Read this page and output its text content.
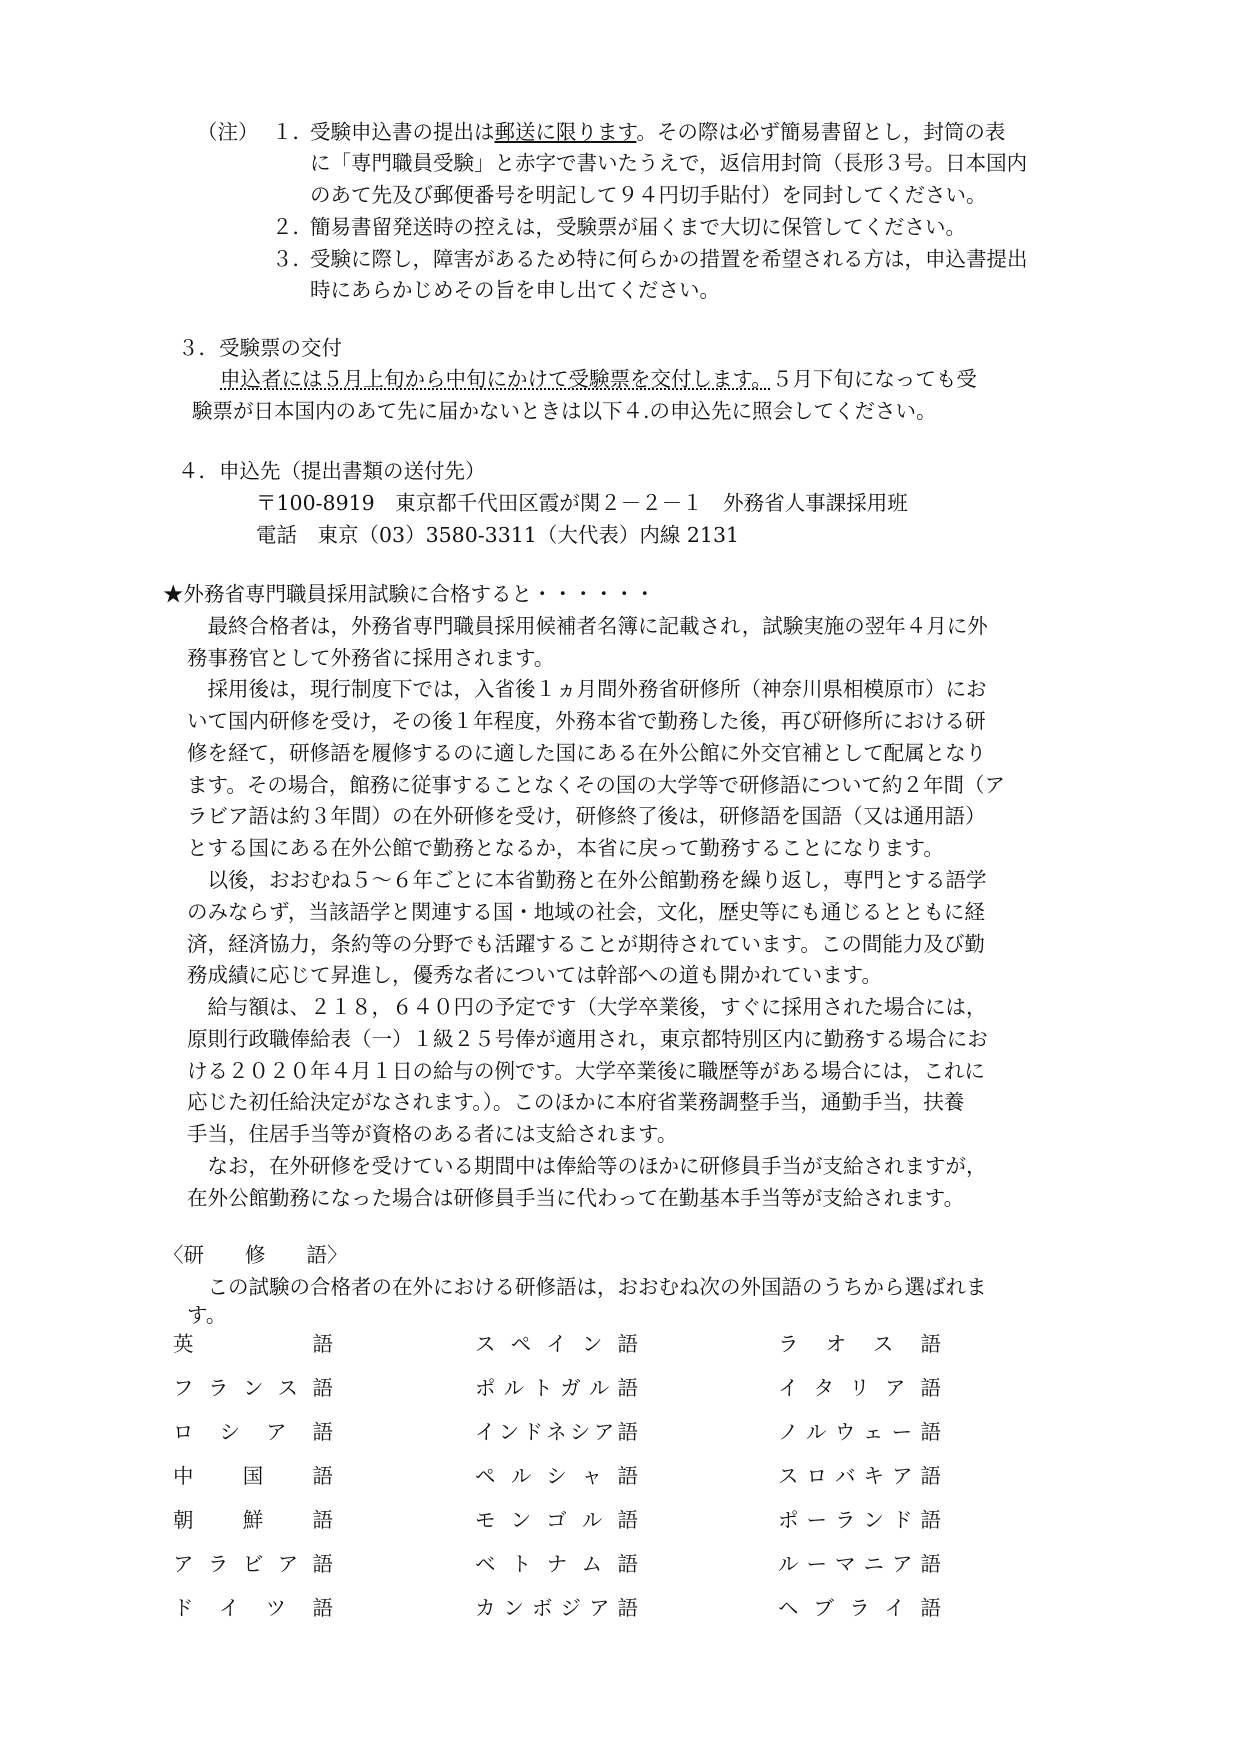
（注） １．
受験申込書の提出は郵送に限ります。その際は必ず簡易書留とし，封筒の表
に「専門職員受験」と赤字で書いたうえで，返信用封筒（長形３号。日本国内
のあて先及び郵便番号を明記して９４円切手貼付）を同封してください。
２．
簡易書留発送時の控えは，受験票が届くまで大切に保管してください。
３．
受験に際し，障害があるため特に何らかの措置を希望される方は，申込書提出
時にあらかじめその旨を申し出てください。
３．受験票の交付
申込者には５月上旬から中旬にかけて受験票を交付します。５月下旬になっても受
験票が日本国内のあて先に届かないときは以下４.の申込先に照会してください。
４．申込先（提出書類の送付先）
〒100-8919　東京都千代田区霞が関２－２－１　外務省人事課採用班
電話　東京（03）3580-3311（大代表）内線 2131
★外務省専門職員採用試験に合格すると・・・・・・
　最終合格者は，外務省専門職員採用候補者名簿に記載され，試験実施の翌年４月に外
務事務官として外務省に採用されます。
　採用後は，現行制度下では，入省後１ヵ月間外務省研修所（神奈川県相模原市）にお
いて国内研修を受け，その後１年程度，外務本省で勤務した後，再び研修所における研
修を経て，研修語を履修するのに適した国にある在外公館に外交官補として配属となり
ます。その場合，館務に従事することなくその国の大学等で研修語について約２年間（ア
ラビア語は約３年間）の在外研修を受け，研修終了後は，研修語を国語（又は通用語）
とする国にある在外公館で勤務となるか，本省に戻って勤務することになります。
　以後，おおむね５～６年ごとに本省勤務と在外公館勤務を繰り返し，専門とする語学
のみならず，当該語学と関連する国・地域の社会，文化，歴史等にも通じるとともに経
済，経済協力，条約等の分野でも活躍することが期待されています。この間能力及び勤
務成績に応じて昇進し，優秀な者については幹部への道も開かれています。
　給与額は、２１８，６４０円の予定です（大学卒業後，すぐに採用された場合には，
原則行政職俸給表（一）１級２５号俸が適用され，東京都特別区内に勤務する場合にお
ける２０２０年４月１日の給与の例です。大学卒業後に職歴等がある場合には，これに
応じた初任給決定がなされます。）。このほかに本府省業務調整手当，通勤手当，扶養
手当，住居手当等が資格のある者には支給されます。
　なお，在外研修を受けている期間中は俸給等のほかに研修員手当が支給されますが，
在外公館勤務になった場合は研修員手当に代わって在勤基本手当等が支給されます。
〈研　　修　　語〉
　この試験の合格者の在外における研修語は，おおむね次の外国語のうちから選ばれま
す。
英語	スペイン語	ラオス語
フランス語	ポルトガル語	イタリア語
ロシア語	インドネシア語	ノルウェー語
中国語	ペルシャ語	スロバキア語
朝鮮語	モンゴル語	ポーランド語
アラビア語	ベトナム語	ルーマニア語
ドイツ語	カンボジア語	ヘブライ語
